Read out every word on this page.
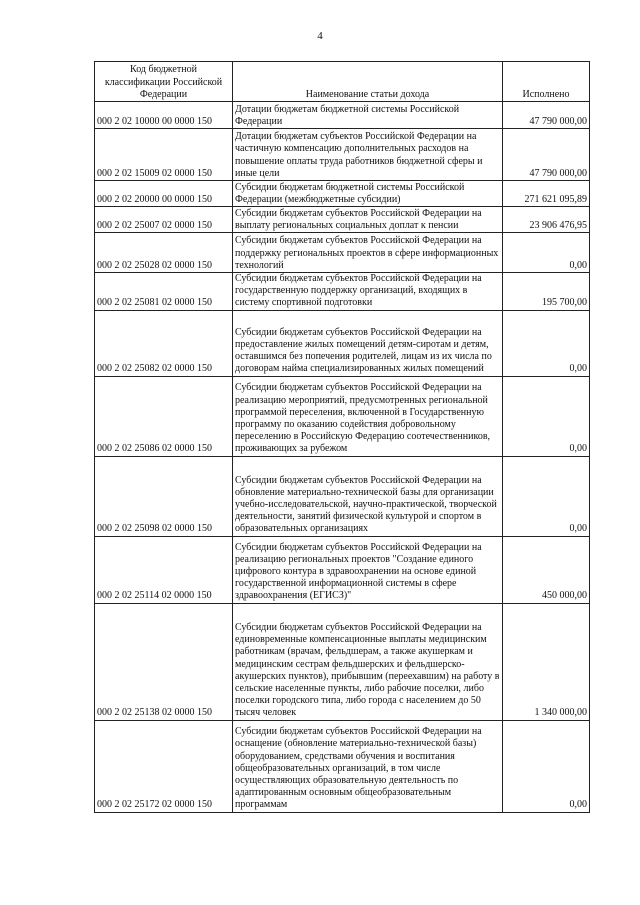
4
Код бюджетной классификации Российской Федерации	Наименование статьи дохода	Исполнено
000 2 02 10000 00 0000 150	Дотации бюджетам бюджетной системы Российской Федерации	47 790 000,00
000 2 02 15009 02 0000 150	Дотации бюджетам субъектов Российской Федерации на частичную компенсацию дополнительных расходов на повышение оплаты труда работников бюджетной сферы и иные цели	47 790 000,00
000 2 02 20000 00 0000 150	Субсидии бюджетам бюджетной системы Российской Федерации (межбюджетные субсидии)	271 621 095,89
000 2 02 25007 02 0000 150	Субсидии бюджетам субъектов Российской Федерации на выплату региональных социальных доплат к пенсии	23 906 476,95
000 2 02 25028 02 0000 150	Субсидии бюджетам субъектов Российской Федерации на поддержку региональных проектов в сфере информационных технологий	0,00
000 2 02 25081 02 0000 150	Субсидии бюджетам субъектов Российской Федерации на государственную поддержку организаций, входящих в систему спортивной подготовки	195 700,00
000 2 02 25082 02 0000 150	Субсидии бюджетам субъектов Российской Федерации на предоставление жилых помещений детям-сиротам и детям, оставшимся без попечения родителей, лицам из их числа по договорам найма специализированных жилых помещений	0,00
000 2 02 25086 02 0000 150	Субсидии бюджетам субъектов Российской Федерации на реализацию мероприятий, предусмотренных региональной программой переселения, включенной в Государственную программу по оказанию содействия добровольному переселению в Российскую Федерацию соотечественников, проживающих за рубежом	0,00
000 2 02 25098 02 0000 150	Субсидии бюджетам субъектов Российской Федерации на обновление материально-технической базы для организации учебно-исследовательской, научно-практической, творческой деятельности, занятий физической культурой и спортом в образовательных организациях	0,00
000 2 02 25114 02 0000 150	Субсидии бюджетам субъектов Российской Федерации на реализацию региональных проектов "Создание единого цифрового контура в здравоохранении на основе единой государственной информационной системы в сфере здравоохранения (ЕГИСЗ)"	450 000,00
000 2 02 25138 02 0000 150	Субсидии бюджетам субъектов Российской Федерации на единовременные компенсационные выплаты медицинским работникам (врачам, фельдшерам, а также акушеркам и медицинским сестрам фельдшерских и фельдшерско-акушерских пунктов), прибывшим (переехавшим) на работу в сельские населенные пункты, либо рабочие поселки, либо поселки городского типа, либо города с населением до 50 тысяч человек	1 340 000,00
000 2 02 25172 02 0000 150	Субсидии бюджетам субъектов Российской Федерации на оснащение (обновление материально-технической базы) оборудованием, средствами обучения и воспитания общеобразовательных организаций, в том числе осуществляющих образовательную деятельность по адаптированным основным общеобразовательным программам	0,00
